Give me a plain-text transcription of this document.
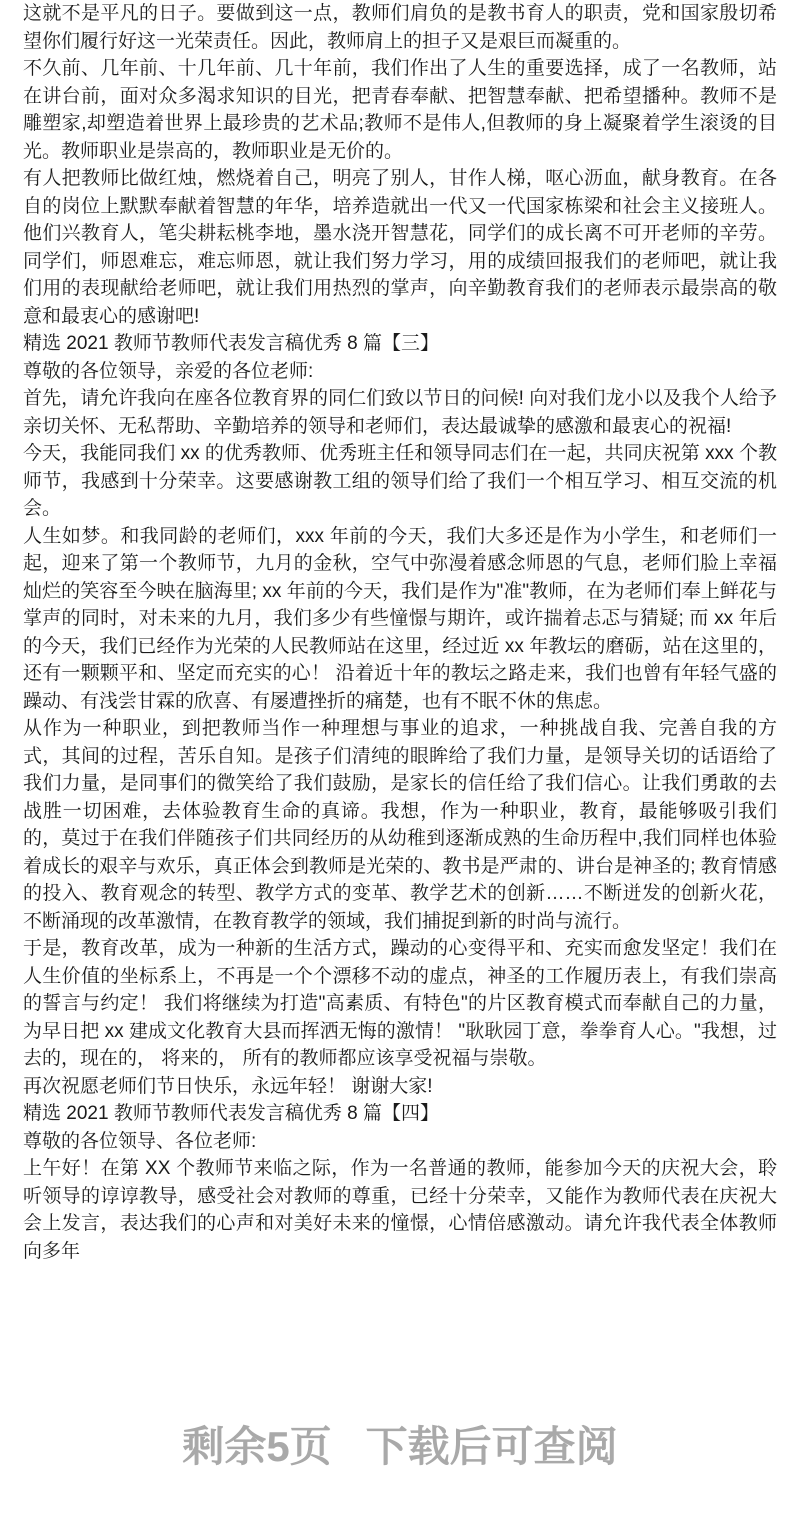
这就不是平凡的日子。要做到这一点，教师们肩负的是教书育人的职责，党和国家殷切希望你们履行好这一光荣责任。因此，教师肩上的担子又是艰巨而凝重的。

不久前、几年前、十几年前、几十年前，我们作出了人生的重要选择，成了一名教师，站在讲台前，面对众多渴求知识的目光，把青春奉献、把智慧奉献、把希望播种。教师不是雕塑家,却塑造着世界上最珍贵的艺术品;教师不是伟人,但教师的身上凝聚着学生滚烫的目光。教师职业是崇高的，教师职业是无价的。

有人把教师比做红烛，燃烧着自己，明亮了别人，甘作人梯，呕心沥血，献身教育。在各自的岗位上默默奉献着智慧的年华，培养造就出一代又一代国家栋梁和社会主义接班人。他们兴教育人，笔尖耕耘桃李地，墨水浇开智慧花，同学们的成长离不可开老师的辛劳。同学们，师恩难忘，难忘师恩，就让我们努力学习，用的成绩回报我们的老师吧，就让我们用的表现献给老师吧，就让我们用热烈的掌声，向辛勤教育我们的老师表示最崇高的敬意和最衷心的感谢吧!

精选 2021 教师节教师代表发言稿优秀 8 篇【三】

尊敬的各位领导，亲爱的各位老师:

首先，请允许我向在座各位教育界的同仁们致以节日的问候! 向对我们龙小以及我个人给予亲切关怀、无私帮助、辛勤培养的领导和老师们，表达最诚挚的感激和最衷心的祝福!

今天，我能同我们 xx 的优秀教师、优秀班主任和领导同志们在一起，共同庆祝第 xxx 个教师节，我感到十分荣幸。这要感谢教工组的领导们给了我们一个相互学习、相互交流的机会。

人生如梦。和我同龄的老师们，xxx 年前的今天，我们大多还是作为小学生，和老师们一起，迎来了第一个教师节，九月的金秋，空气中弥漫着感念师恩的气息，老师们脸上幸福灿烂的笑容至今映在脑海里; xx 年前的今天，我们是作为"准"教师，在为老师们奉上鲜花与掌声的同时，对未来的九月，我们多少有些憧憬与期许，或许揣着忐忑与猜疑; 而 xx 年后的今天，我们已经作为光荣的人民教师站在这里，经过近 xx 年教坛的磨砺，站在这里的，还有一颗颗平和、坚定而充实的心！ 沿着近十年的教坛之路走来，我们也曾有年轻气盛的躁动、有浅尝甘霖的欣喜、有屡遭挫折的痛楚，也有不眠不休的焦虑。

从作为一种职业，到把教师当作一种理想与事业的追求，一种挑战自我、完善自我的方式，其间的过程，苦乐自知。是孩子们清纯的眼眸给了我们力量，是领导关切的话语给了我们力量，是同事们的微笑给了我们鼓励，是家长的信任给了我们信心。让我们勇敢的去战胜一切困难，去体验教育生命的真谛。我想，作为一种职业，教育，最能够吸引我们的，莫过于在我们伴随孩子们共同经历的从幼稚到逐渐成熟的生命历程中,我们同样也体验着成长的艰辛与欢乐，真正体会到教师是光荣的、教书是严肃的、讲台是神圣的; 教育情感的投入、教育观念的转型、教学方式的变革、教学艺术的创新……不断迸发的创新火花，不断涌现的改革激情，在教育教学的领域，我们捕捉到新的时尚与流行。

于是，教育改革，成为一种新的生活方式，躁动的心变得平和、充实而愈发坚定！我们在人生价值的坐标系上，不再是一个个漂移不动的虚点，神圣的工作履历表上，有我们崇高的誓言与约定！ 我们将继续为打造"高素质、有特色"的片区教育模式而奉献自己的力量，为早日把 xx 建成文化教育大县而挥洒无悔的激情！ "耿耿园丁意，拳拳育人心。"我想，过去的，现在的， 将来的， 所有的教师都应该享受祝福与崇敬。

再次祝愿老师们节日快乐，永远年轻！ 谢谢大家!

精选 2021 教师节教师代表发言稿优秀 8 篇【四】

尊敬的各位领导、各位老师:

上午好！在第 XX 个教师节来临之际，作为一名普通的教师，能参加今天的庆祝大会，聆听领导的谆谆教导，感受社会对教师的尊重，已经十分荣幸，又能作为教师代表在庆祝大会上发言，表达我们的心声和对美好未来的憧憬，心情倍感激动。请允许我代表全体教师向多年

剩余5页 下载后可查阅
